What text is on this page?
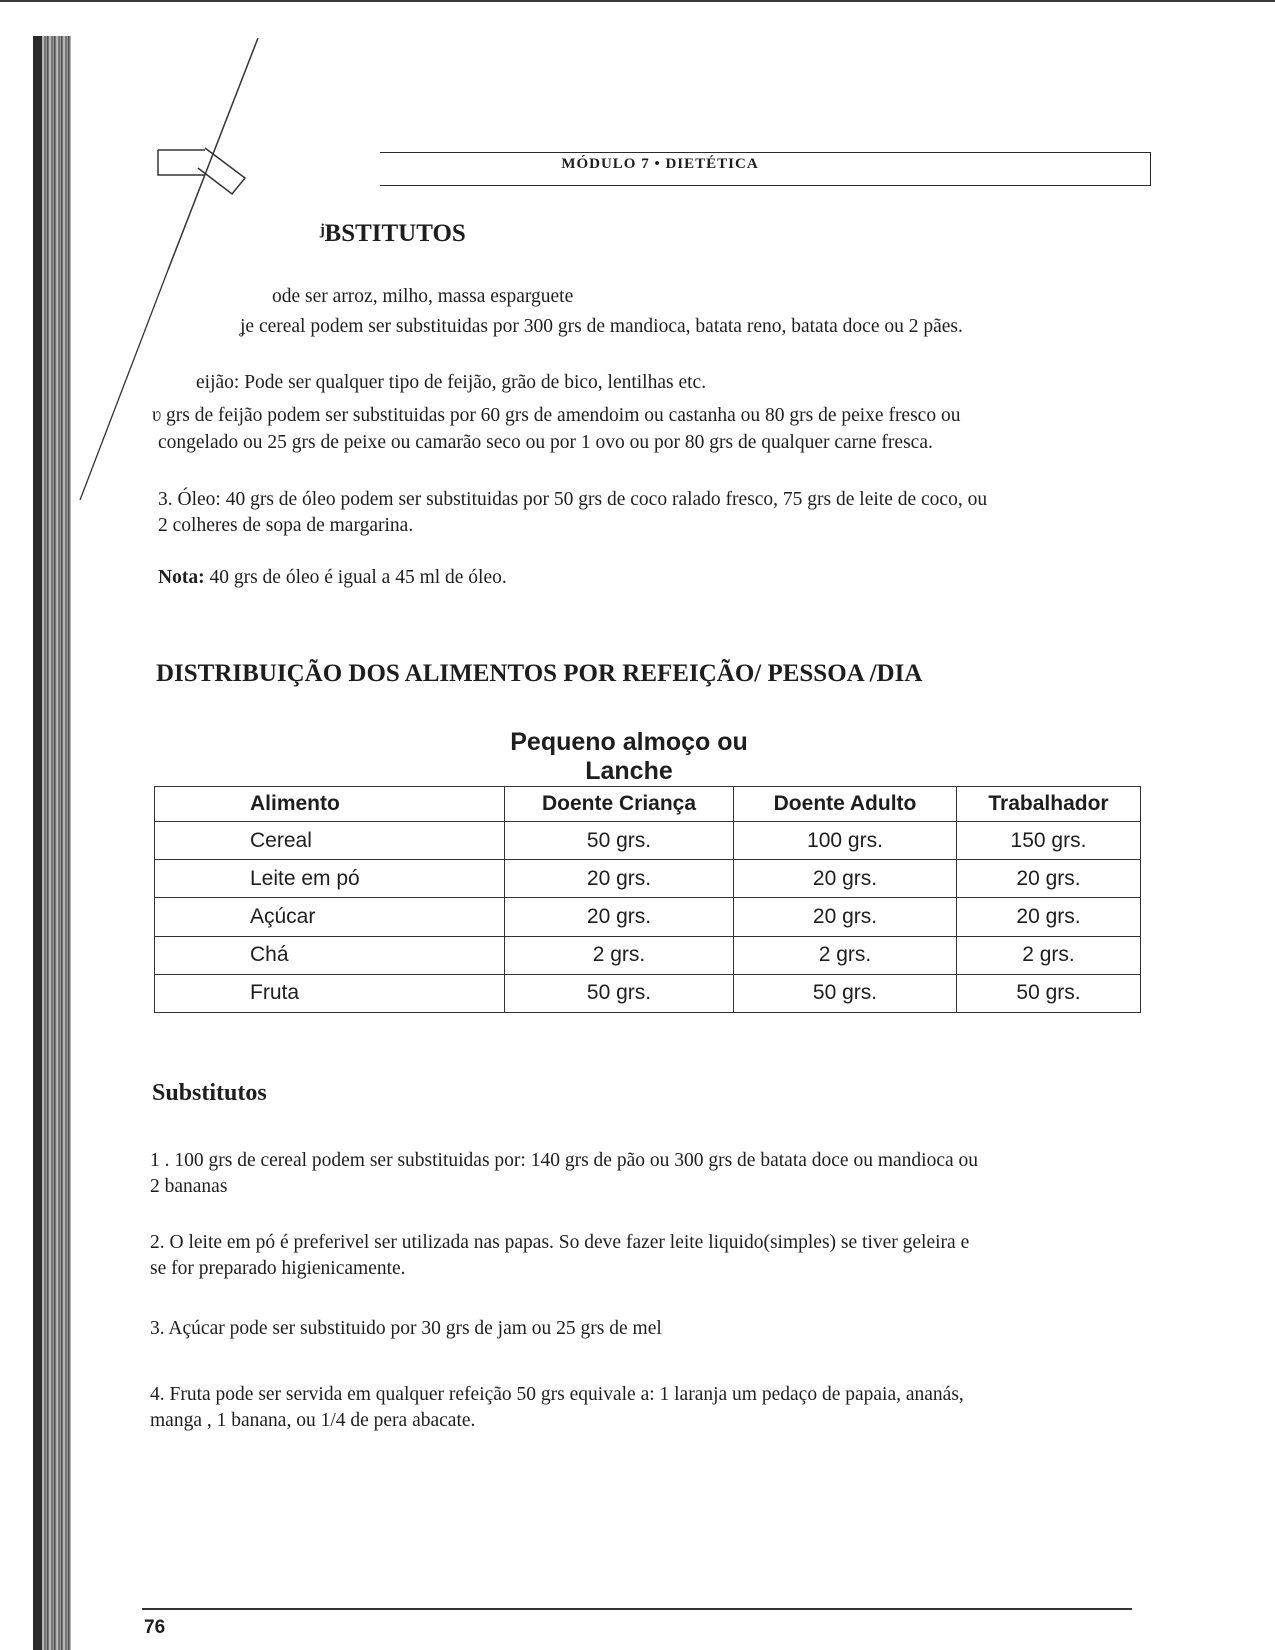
MÓDULO 7 • DIETÉTICA
ʲBSTITUTOS
ode ser arroz, milho, massa esparguete
ʝe cereal podem ser substituidas por 300 grs de mandioca, batata reno, batata doce ou 2 pães.
eijão: Pode ser qualquer tipo de feijão, grão de bico, lentilhas etc.
ʋ grs de feijão podem ser substituidas por 60 grs de amendoim ou castanha ou 80 grs de peixe fresco ou
congelado ou 25 grs de peixe ou camarão seco ou por 1 ovo ou por 80 grs de qualquer carne fresca.
3. Óleo: 40 grs de óleo podem ser substituidas por 50 grs de coco ralado fresco, 75 grs de leite de coco, ou
2 colheres de sopa de margarina.
Nota: 40 grs de óleo é igual a 45 ml de óleo.
DISTRIBUIÇÃO DOS ALIMENTOS POR REFEIÇÃO/ PESSOA /DIA
Pequeno almoço ou Lanche
Alimento	Doente Criança	Doente Adulto	Trabalhador
Cereal	50 grs.	100 grs.	150 grs.
Leite em pó	20 grs.	20 grs.	20 grs.
Açúcar	20 grs.	20 grs.	20 grs.
Chá	2 grs.	2 grs.	2 grs.
Fruta	50 grs.	50 grs.	50 grs.
Substitutos
1 . 100 grs de cereal podem ser substituidas por: 140 grs de pão ou 300 grs de batata doce ou mandioca ou
2 bananas
2. O leite em pó é preferivel ser utilizada nas papas. So deve fazer leite liquido(simples) se tiver geleira e
se for preparado higienicamente.
3. Açúcar pode ser substituido por 30 grs de jam ou 25 grs de mel
4. Fruta pode ser servida em qualquer refeição 50 grs equivale a: 1 laranja um pedaço de papaia, ananás,
manga , 1 banana, ou 1/4 de pera abacate.
76
